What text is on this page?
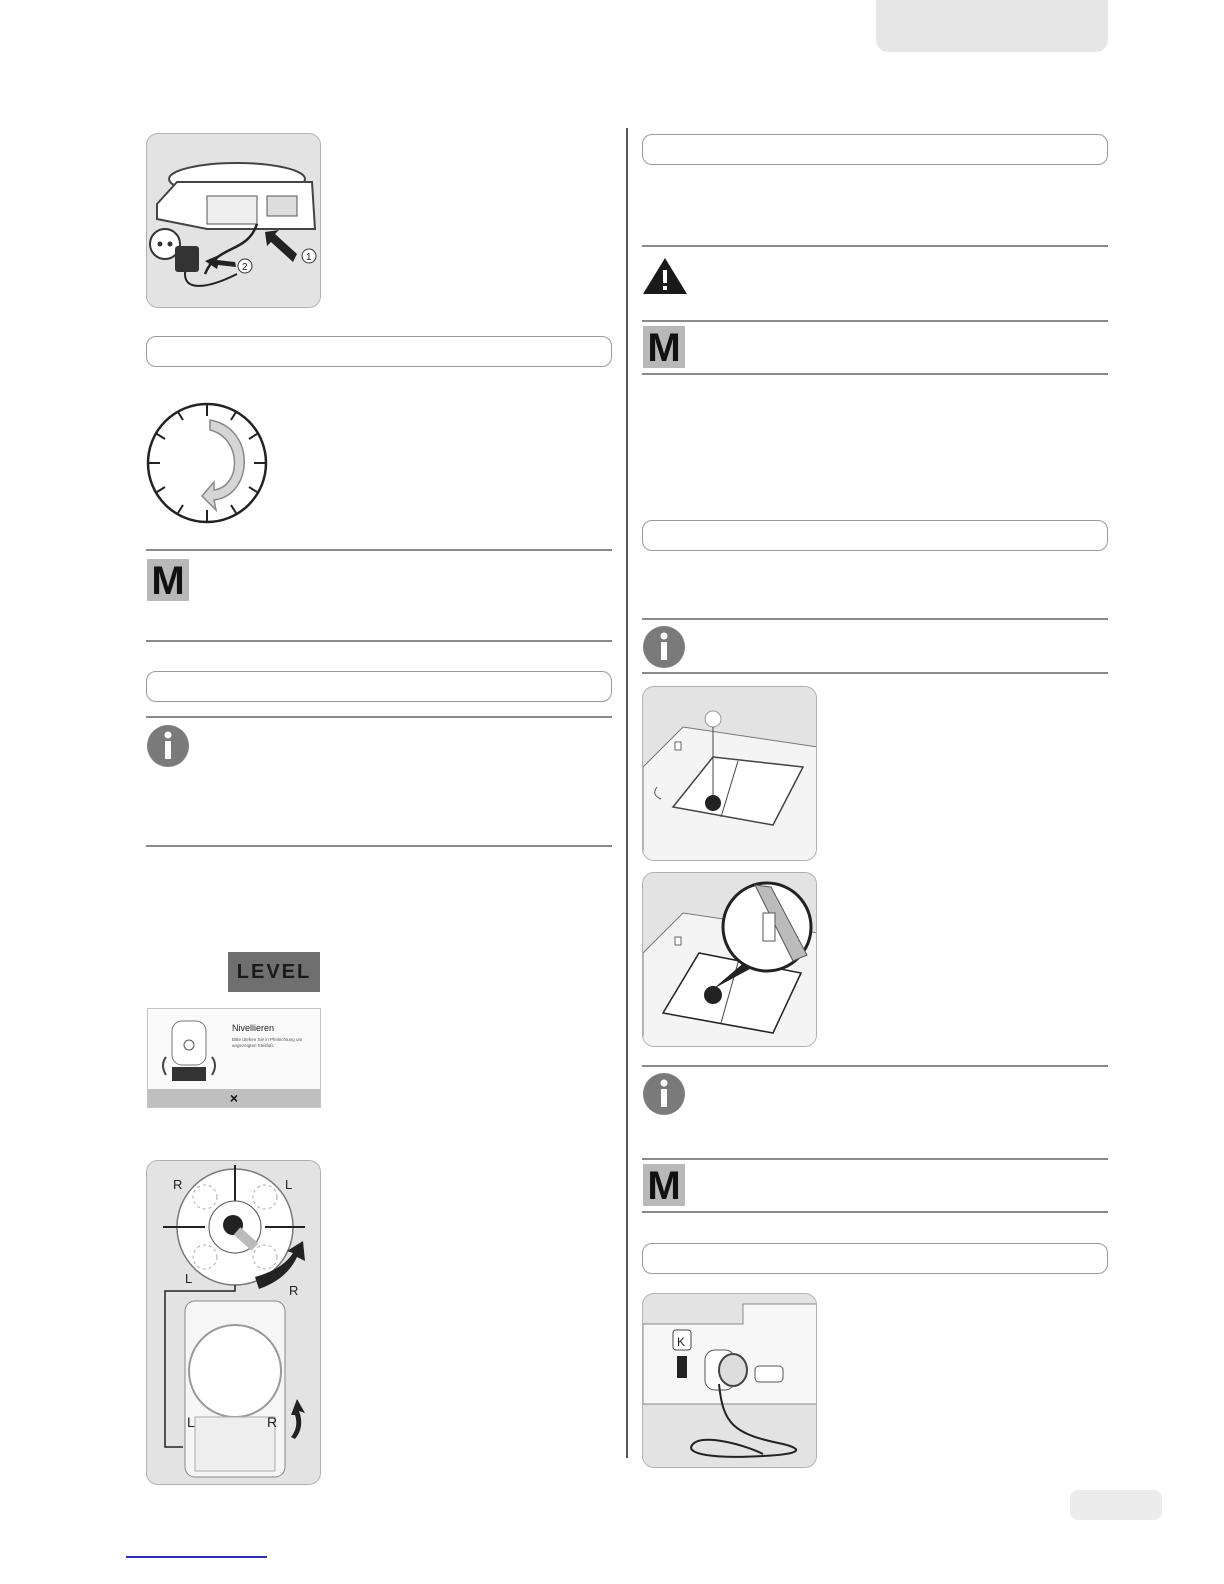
1
2
M
LEVEL
Nivellieren
Bitte drehen Sie in Pfeilrichtung um angezeigten Steilfuß.
×
R	L
L
R
L	R
M
M
K
